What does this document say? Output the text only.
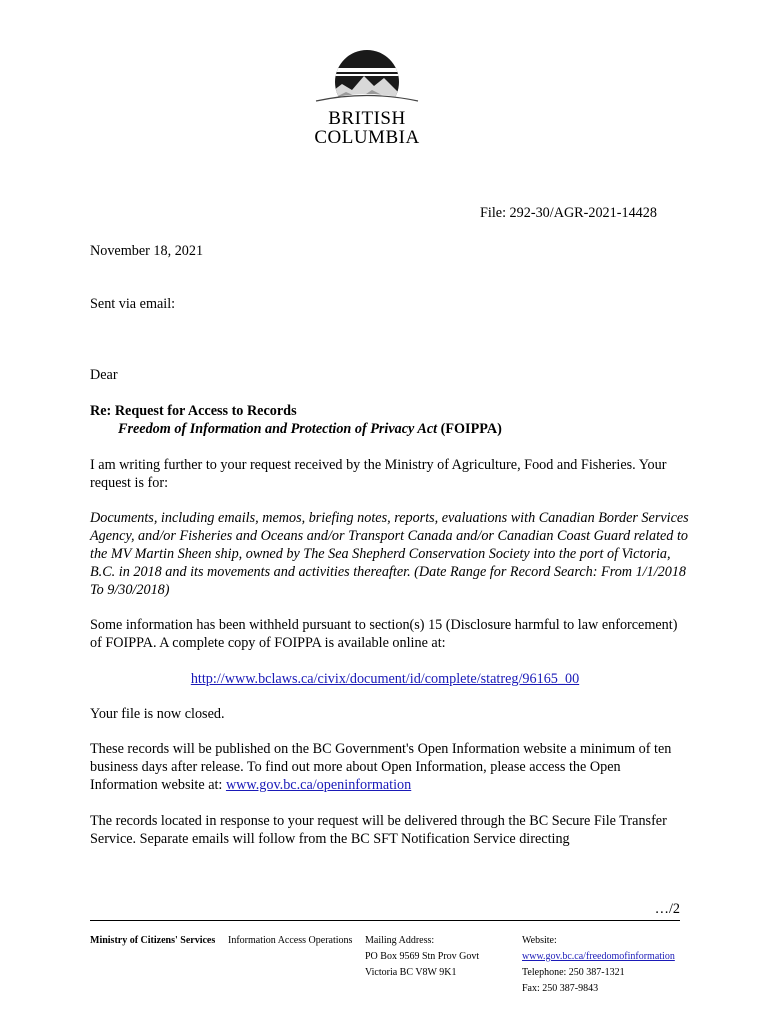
BRITISH
COLUMBIA
File: 292-30/AGR-2021-14428
November 18, 2021
Sent via email:
Dear
Re: Request for Access to Records
Freedom of Information and Protection of Privacy Act (FOIPPA)
I am writing further to your request received by the Ministry of Agriculture, Food and Fisheries. Your request is for:
Documents, including emails, memos, briefing notes, reports, evaluations with Canadian Border Services Agency, and/or Fisheries and Oceans and/or Transport Canada and/or Canadian Coast Guard related to the MV Martin Sheen ship, owned by The Sea Shepherd Conservation Society into the port of Victoria, B.C. in 2018 and its movements and activities thereafter. (Date Range for Record Search: From 1/1/2018 To 9/30/2018)
Some information has been withheld pursuant to section(s) 15 (Disclosure harmful to law enforcement) of FOIPPA. A complete copy of FOIPPA is available online at:
http://www.bclaws.ca/civix/document/id/complete/statreg/96165_00
Your file is now closed.
These records will be published on the BC Government's Open Information website a minimum of ten business days after release. To find out more about Open Information, please access the Open Information website at: www.gov.bc.ca/openinformation
The records located in response to your request will be delivered through the BC Secure File Transfer Service. Separate emails will follow from the BC SFT Notification Service directing
…/2
Ministry of Citizens' Services	Information Access Operations	Mailing Address:
PO Box 9569 Stn Prov Govt
Victoria BC V8W 9K1
Website:
www.gov.bc.ca/freedomofinformation
Telephone: 250 387-1321
Fax: 250 387-9843
